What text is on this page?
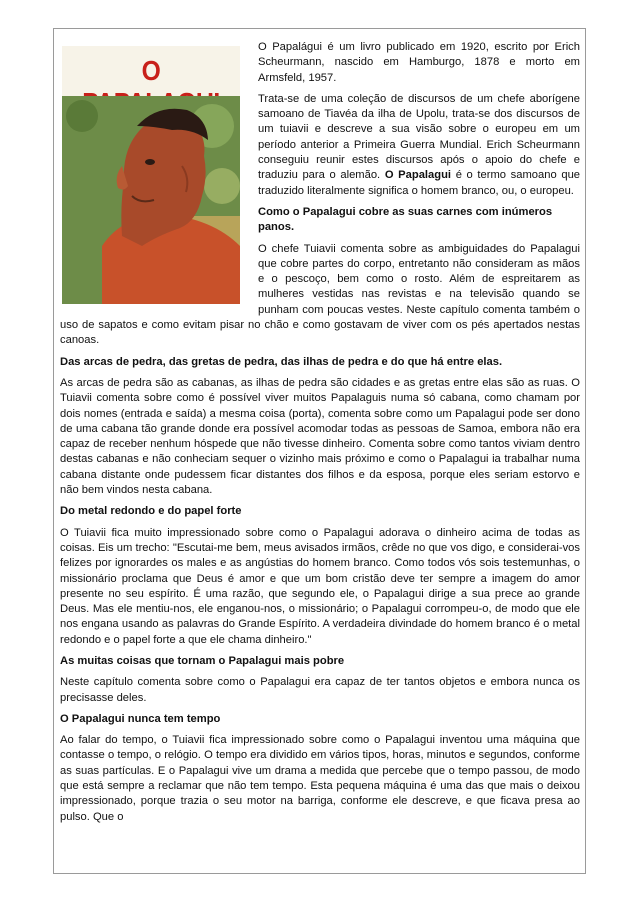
O

O Papalágui é um livro publicado em 1920, escrito por Erich Scheurmann, nascido em Hamburgo, 1878 e morto em Armsfeld, 1957.

Trata-se de uma coleção de discursos de um chefe aborígene samoano de Tiavéa da ilha de Upolu, trata-se dos discursos de um tuiavii e descreve a sua visão sobre o europeu em um período anterior a Primeira Guerra Mundial. Erich Scheurmann conseguiu reunir estes discursos após o apoio do chefe e traduziu para o alemão. O Papalagui é o termo samoano que traduzido literalmente significa o homem branco, ou, o europeu.

Como o Papalagui cobre as suas carnes com inúmeros panos.

O chefe Tuiavii comenta sobre as ambiguidades do Papalagui que cobre partes do corpo, entretanto não consideram as mãos e o pescoço, bem como o rosto. Além de espreitarem as mulheres vestidas nas revistas e na televisão quando se punham com poucas vestes. Neste capítulo comenta também o uso de sapatos e como evitam pisar no chão e como gostavam de viver com os pés apertados nestas canoas.

Das arcas de pedra, das gretas de pedra, das ilhas de pedra e do que há entre elas.

As arcas de pedra são as cabanas, as ilhas de pedra são cidades e as gretas entre elas são as ruas. O Tuiavii comenta sobre como é possível viver muitos Papalaguis numa só cabana, como chamam por dois nomes (entrada e saída) a mesma coisa (porta), comenta sobre como um Papalagui pode ser dono de uma cabana tão grande donde era possível acomodar todas as pessoas de Samoa, embora não era capaz de receber nenhum hóspede que não tivesse dinheiro. Comenta sobre como tantos viviam dentro destas cabanas e não conheciam sequer o vizinho mais próximo e como o Papalagui ia trabalhar numa cabana distante onde pudessem ficar distantes dos filhos e da esposa, porque eles seriam estorvo e não bem vindos nesta cabana.

Do metal redondo e do papel forte

O Tuiavii fica muito impressionado sobre como o Papalagui adorava o dinheiro acima de todas as coisas. Eis um trecho: "Escutai-me bem, meus avisados irmãos, crêde no que vos digo, e considerai-vos felizes por ignorardes os males e as angústias do homem branco. Como todos vós sois testemunhas, o missionário proclama que Deus é amor e que um bom cristão deve ter sempre a imagem do amor presente no seu espírito. É uma razão, que segundo ele, o Papalagui dirige a sua prece ao grande Deus. Mas ele mentiu-nos, ele enganou-nos, o missionário; o Papalagui corrompeu-o, de modo que ele nos engana usando as palavras do Grande Espírito. A verdadeira divindade do homem branco é o metal redondo e o papel forte a que ele chama dinheiro."

As muitas coisas que tornam o Papalagui mais pobre

Neste capítulo comenta sobre como o Papalagui era capaz de ter tantos objetos e embora nunca os precisasse deles.

O Papalagui nunca tem tempo

Ao falar do tempo, o Tuiavii fica impressionado sobre como o Papalagui inventou uma máquina que contasse o tempo, o relógio. O tempo era dividido em vários tipos, horas, minutos e segundos, conforme as suas partículas. E o Papalagui vive um drama a medida que percebe que o tempo passou, de modo que está sempre a reclamar que não tem tempo. Esta pequena máquina é uma das que mais o deixou impressionado, porque trazia o seu motor na barriga, conforme ele descreve, e que ficava presa ao pulso. Que o
